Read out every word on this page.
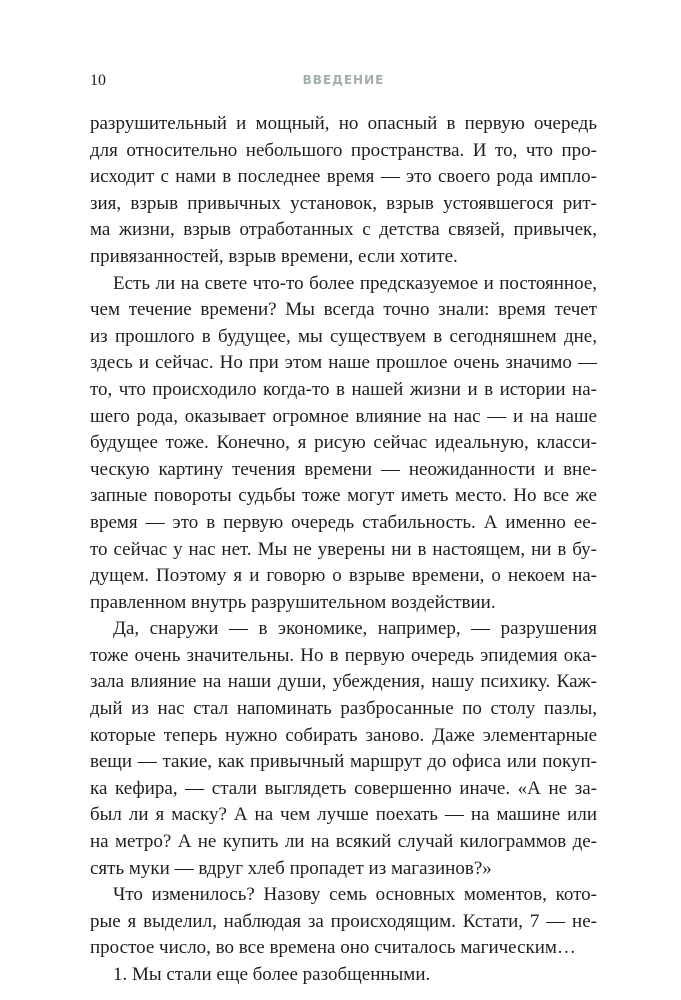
10	ВВЕДЕНИЕ
разрушительный и мощный, но опасный в первую очередь
для относительно небольшого пространства. И то, что про-
исходит с нами в последнее время — это своего рода импло-
зия, взрыв привычных установок, взрыв устоявшегося рит-
ма жизни, взрыв отработанных с детства связей, привычек,
привязанностей, взрыв времени, если хотите.
Есть ли на свете что-то более предсказуемое и постоянное,
чем течение времени? Мы всегда точно знали: время течет
из прошлого в будущее, мы существуем в сегодняшнем дне,
здесь и сейчас. Но при этом наше прошлое очень значимо —
то, что происходило когда-то в нашей жизни и в истории на-
шего рода, оказывает огромное влияние на нас — и на наше
будущее тоже. Конечно, я рисую сейчас идеальную, класси-
ческую картину течения времени — неожиданности и вне-
запные повороты судьбы тоже могут иметь место. Но все же
время — это в первую очередь стабильность. А именно ее-
то сейчас у нас нет. Мы не уверены ни в настоящем, ни в бу-
дущем. Поэтому я и говорю о взрыве времени, о некоем на-
правленном внутрь разрушительном воздействии.
Да, снаружи — в экономике, например, — разрушения
тоже очень значительны. Но в первую очередь эпидемия ока-
зала влияние на наши души, убеждения, нашу психику. Каж-
дый из нас стал напоминать разбросанные по столу пазлы,
которые теперь нужно собирать заново. Даже элементарные
вещи — такие, как привычный маршрут до офиса или покуп-
ка кефира, — стали выглядеть совершенно иначе. «А не за-
был ли я маску? А на чем лучше поехать — на машине или
на метро? А не купить ли на всякий случай килограммов де-
сять муки — вдруг хлеб пропадет из магазинов?»
Что изменилось? Назову семь основных моментов, кото-
рые я выделил, наблюдая за происходящим. Кстати, 7 — не-
простое число, во все времена оно считалось магическим…
1. Мы стали еще более разобщенными.
